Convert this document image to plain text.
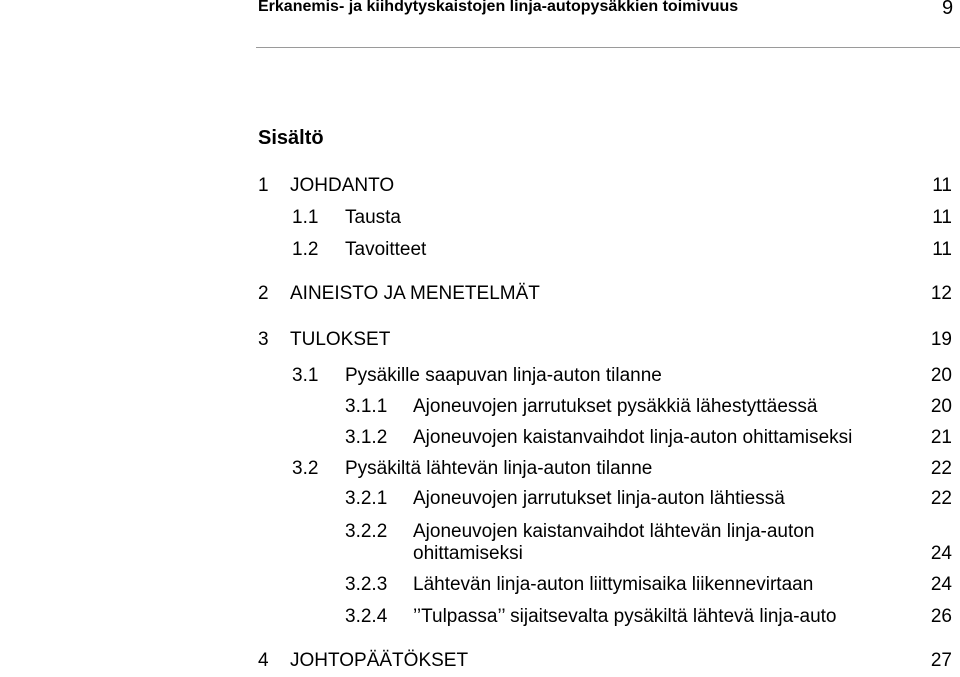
Erkanemis- ja kiihdytyskaistojen linja-autopysäkkien toimivuus	9
Sisältö
1 JOHDANTO	11
1.1 Tausta	11
1.2 Tavoitteet	11
2 AINEISTO JA MENETELMÄT	12
3 TULOKSET	19
3.1 Pysäkille saapuvan linja-auton tilanne	20
3.1.1 Ajoneuvojen jarrutukset pysäkkiä lähestyttäessä	20
3.1.2 Ajoneuvojen kaistanvaihdot linja-auton ohittamiseksi	21
3.2 Pysäkiltä lähtevän linja-auton tilanne	22
3.2.1 Ajoneuvojen jarrutukset linja-auton lähtiessä	22
3.2.2 Ajoneuvojen kaistanvaihdot lähtevän linja-auton
ohittamiseksi	24
3.2.3 Lähtevän linja-auton liittymisaika liikennevirtaan	24
3.2.4 ’’Tulpassa’’ sijaitsevalta pysäkiltä lähtevä linja-auto	26
4 JOHTOPÄÄTÖKSET	27
